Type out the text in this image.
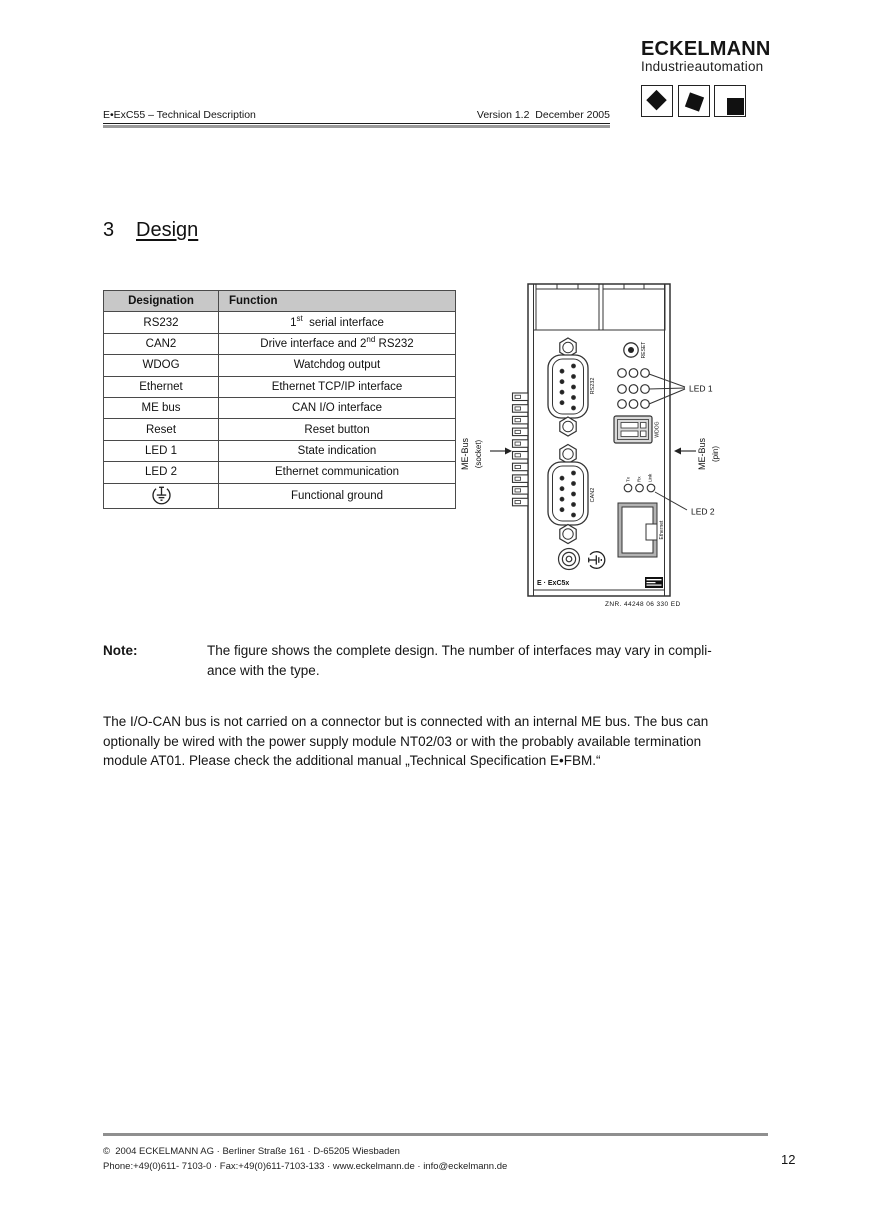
E•ExC55 – Technical Description	Version 1.2  December 2005
ECKELMANN
Industrieautomation
3 Design
Designation	Function
RS232	1st  serial interface
CAN2	Drive interface and 2nd RS232
WDOG	Watchdog output
Ethernet	Ethernet TCP/IP interface
ME bus	CAN I/O interface
Reset	Reset button
LED 1	State indication
LED 2	Ethernet communication
	Functional ground
RS232
CAN2
RESET
WDOG
Ethernet
Tx Rx Link
LED 1
LED 2
ME-Bus (socket)	ME-Bus (pin)
E · ExC5x
ZNR. 44248 06 330 ED
Note:	The figure shows the complete design. The number of interfaces may vary in compli-
ance with the type.
The I/O-CAN bus is not carried on a connector but is connected with an internal ME bus. The bus can
optionally be wired with the power supply module NT02/03 or with the probably available termination
module AT01. Please check the additional manual „Technical Specification E•FBM.“
©  2004 ECKELMANN AG · Berliner Straße 161 · D-65205 Wiesbaden
Phone:+49(0)611- 7103-0 · Fax:+49(0)611-7103-133 · www.eckelmann.de · info@eckelmann.de	12
